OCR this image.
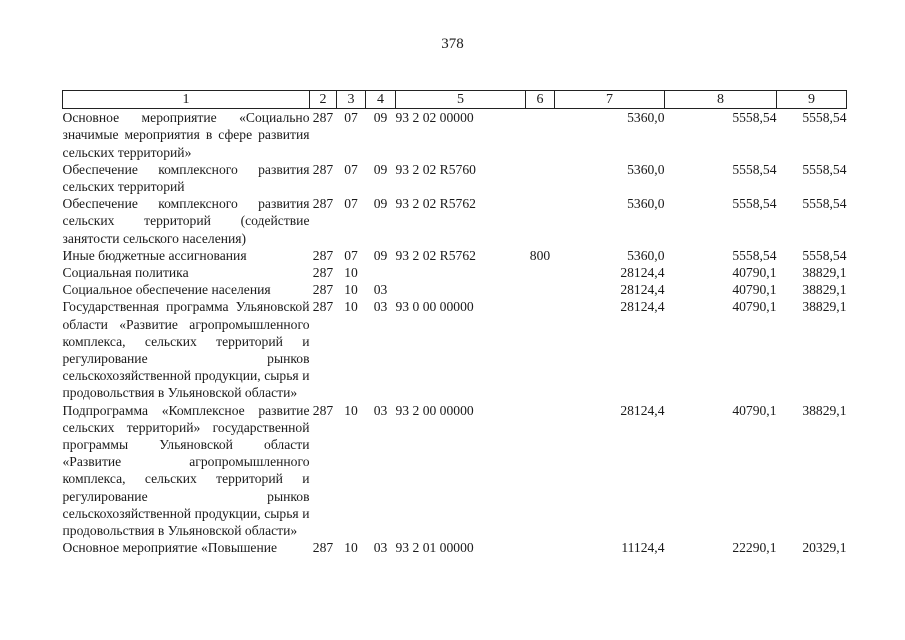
378
1	2	3	4	5	6	7	8	9
Основное мероприятие «Социально значимые мероприятия в сфере развития сельских территорий»	287	07	09	93 2 02 00000		5360,0	5558,54	5558,54
Обеспечение комплексного развития сельских территорий	287	07	09	93 2 02 R5760		5360,0	5558,54	5558,54
Обеспечение комплексного развития сельских территорий (содействие занятости сельского населения)	287	07	09	93 2 02 R5762		5360,0	5558,54	5558,54
Иные бюджетные ассигнования	287	07	09	93 2 02 R5762	800	5360,0	5558,54	5558,54
Социальная политика	287	10				28124,4	40790,1	38829,1
Социальное обеспечение населения	287	10	03			28124,4	40790,1	38829,1
Государственная программа Ульяновской области «Развитие агропромышленного комплекса, сельских территорий и регулирование рынков сельскохозяйственной продукции, сырья и продовольствия в Ульяновской области»	287	10	03	93 0 00 00000		28124,4	40790,1	38829,1
Подпрограмма «Комплексное развитие сельских территорий» государственной программы Ульяновской области «Развитие агропромышленного комплекса, сельских территорий и регулирование рынков сельскохозяйственной продукции, сырья и продовольствия в Ульяновской области»	287	10	03	93 2 00 00000		28124,4	40790,1	38829,1
Основное мероприятие «Повышение	287	10	03	93 2 01 00000		11124,4	22290,1	20329,1
